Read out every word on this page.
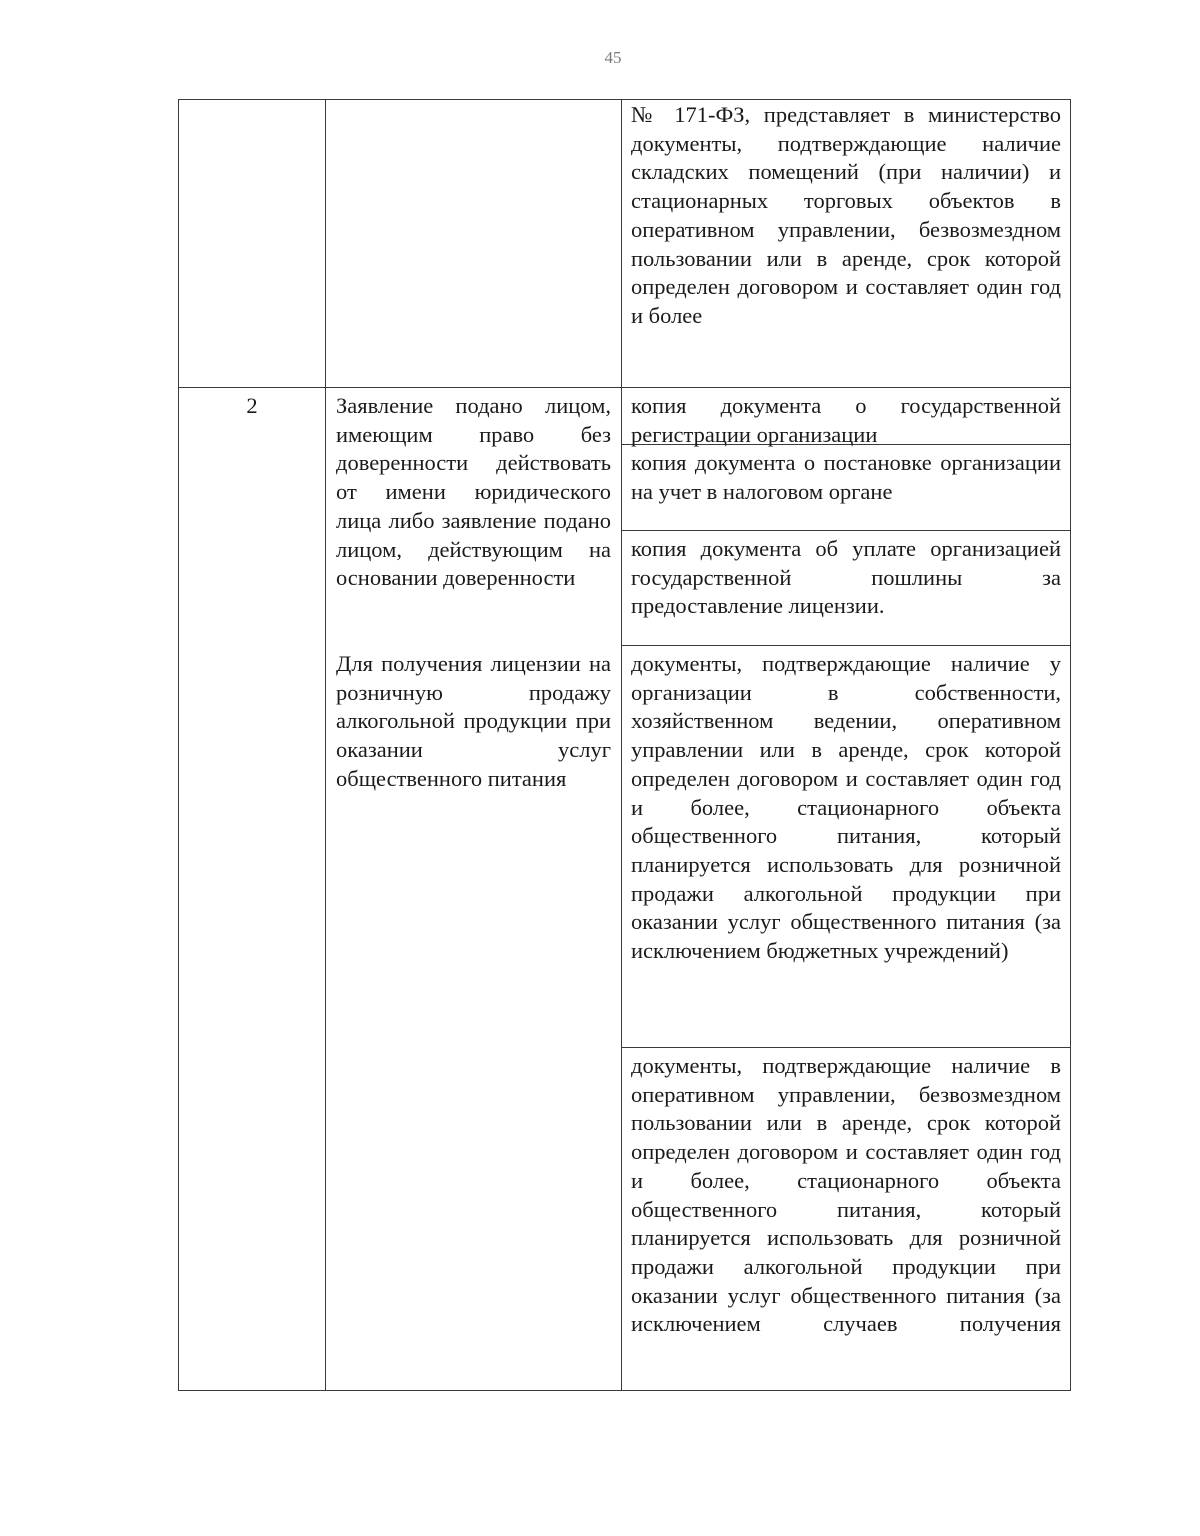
45
№ 171-ФЗ, представляет в министерство документы, подтверждающие наличие складских помещений (при наличии) и стационарных торговых объектов в оперативном управлении, безвозмездном пользовании или в аренде, срок которой определен договором и составляет один год и более
2	Заявление подано лицом, имеющим право без доверенности действовать от имени юридического лица либо заявление подано лицом, действующим на основании доверенности
Для получения лицензии на розничную продажу алкогольной продукции при оказании услуг общественного питания
копия документа о государственной регистрации организации
копия документа о постановке организации на учет в налоговом органе
копия документа об уплате организацией государственной пошлины за предоставление лицензии.
документы, подтверждающие наличие у организации в собственности, хозяйственном ведении, оперативном управлении или в аренде, срок которой определен договором и составляет один год и более, стационарного объекта общественного питания, который планируется использовать для розничной продажи алкогольной продукции при оказании услуг общественного питания (за исключением бюджетных учреждений)
документы, подтверждающие наличие в оперативном управлении, безвозмездном пользовании или в аренде, срок которой определен договором и составляет один год и более, стационарного объекта общественного питания, который планируется использовать для розничной продажи алкогольной продукции при оказании услуг общественного питания (за исключением случаев получения
